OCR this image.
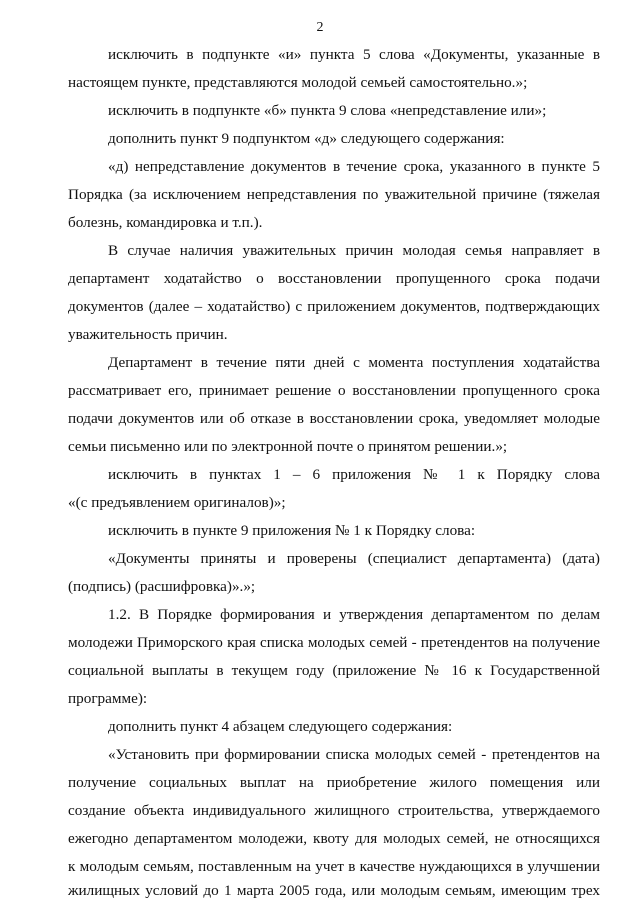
2
исключить в подпункте «и» пункта 5 слова «Документы, указанные в
настоящем пункте, представляются молодой семьей самостоятельно.»;
исключить в подпункте «б» пункта 9 слова «непредставление или»;
дополнить пункт 9 подпунктом «д» следующего содержания:
«д) непредставление документов в течение срока, указанного в пункте 5
Порядка (за исключением непредставления по уважительной причине (тяжелая
болезнь, командировка и т.п.).
В случае наличия уважительных причин молодая семья направляет в
департамент ходатайство о восстановлении пропущенного срока подачи
документов (далее – ходатайство) с приложением документов, подтверждающих
уважительность причин.
Департамент в течение пяти дней с момента поступления ходатайства
рассматривает его, принимает решение о восстановлении пропущенного срока
подачи документов или об отказе в восстановлении срока, уведомляет молодые
семьи письменно или по электронной почте о принятом решении.»;
исключить в пунктах 1 – 6 приложения № 1 к Порядку слова
«(с предъявлением оригиналов)»;
исключить в пункте 9 приложения № 1 к Порядку слова:
«Документы приняты и проверены (специалист департамента) (дата)
(подпись) (расшифровка)».»;
1.2. В Порядке формирования и утверждения департаментом по делам
молодежи Приморского края списка молодых семей - претендентов на получение
социальной выплаты в текущем году (приложение № 16 к Государственной
программе):
дополнить пункт 4 абзацем следующего содержания:
«Установить при формировании списка молодых семей - претендентов на
получение социальных выплат на приобретение жилого помещения или
создание объекта индивидуального жилищного строительства, утверждаемого
ежегодно департаментом молодежи, квоту для молодых семей, не относящихся
к молодым семьям, поставленным на учет в качестве нуждающихся в улучшении
жилищных условий до 1 марта 2005 года, или молодым семьям, имеющим трех
